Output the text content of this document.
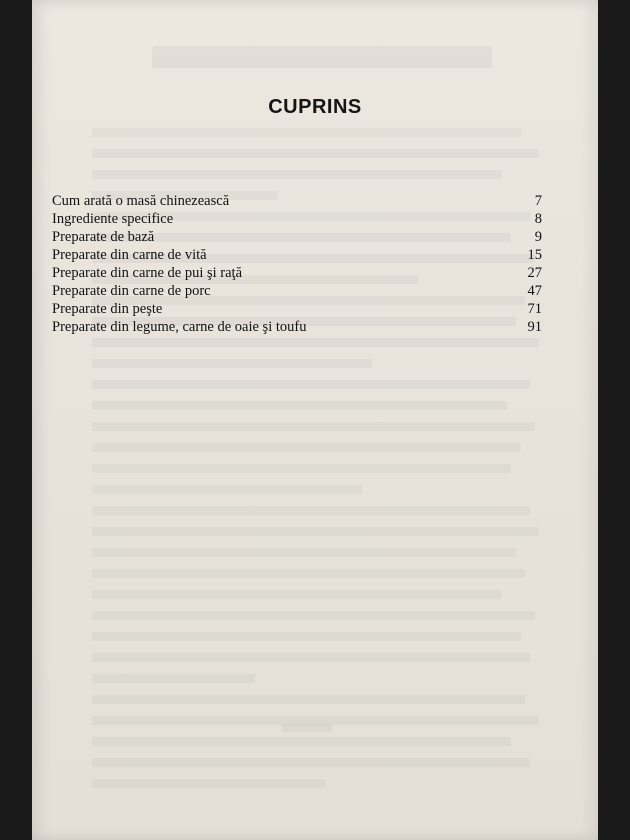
CUPRINS
Cum arată o masă chinezească	7
Ingrediente specifice	8
Preparate de bază	9
Preparate din carne de vită	15
Preparate din carne de pui şi raţă	27
Preparate din carne de porc	47
Preparate din peşte	71
Preparate din legume, carne de oaie şi toufu	91
